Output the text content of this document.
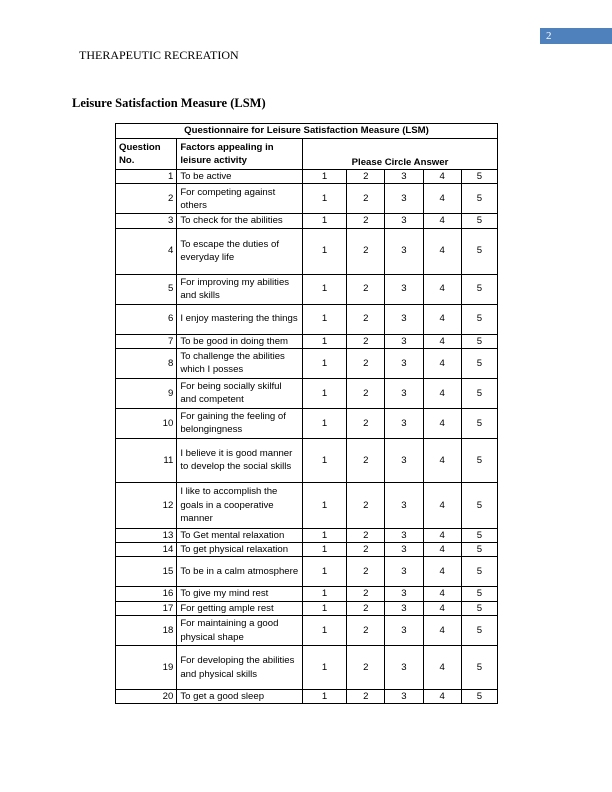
2
THERAPEUTIC RECREATION
Leisure Satisfaction Measure (LSM)
Questionnaire for Leisure Satisfaction Measure (LSM)						
Question No.	Factors appealing in leisure activity	Please Circle Answer				
1	To be active	1	2	3	4	5
2	For competing against others	1	2	3	4	5
3	To check for the abilities	1	2	3	4	5
4	To escape the duties of everyday life	1	2	3	4	5
5	For improving my abilities and skills	1	2	3	4	5
6	I enjoy mastering the things	1	2	3	4	5
7	To be good in doing them	1	2	3	4	5
8	To challenge the abilities which I posses	1	2	3	4	5
9	For being socially skilful and competent	1	2	3	4	5
10	For gaining the feeling of belongingness	1	2	3	4	5
11	I believe it is good manner to develop the social skills	1	2	3	4	5
12	I like to accomplish the goals in a cooperative manner	1	2	3	4	5
13	To Get mental relaxation	1	2	3	4	5
14	To get physical relaxation	1	2	3	4	5
15	To be in a calm atmosphere	1	2	3	4	5
16	To give my mind rest	1	2	3	4	5
17	For getting ample rest	1	2	3	4	5
18	For maintaining a good physical shape	1	2	3	4	5
19	For developing the abilities and physical skills	1	2	3	4	5
20	To get a good sleep	1	2	3	4	5
